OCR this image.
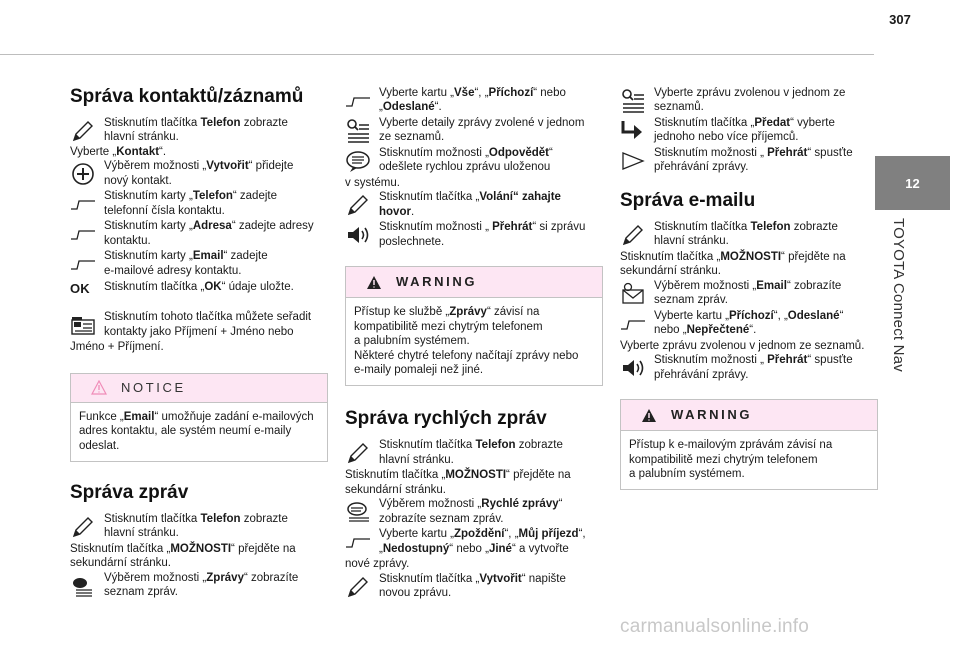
307
12
TOYOTA Connect Nav
Správa kontaktů/záznamů
Stisknutím tlačítka Telefon zobrazte
hlavní stránku.
Vyberte „Kontakt“.
Výběrem možnosti „Vytvořit“ přidejte
nový kontakt.
Stisknutím karty „Telefon“ zadejte
telefonní čísla kontaktu.
Stisknutím karty „Adresa“ zadejte adresy
kontaktu.
Stisknutím karty „Email“ zadejte
e-mailové adresy kontaktu.
OK Stisknutím tlačítka „OK“ údaje uložte.
Stisknutím tohoto tlačítka můžete seřadit
kontakty jako Příjmení + Jméno nebo
Jméno + Příjmení.
NOTICE
Funkce „Email“ umožňuje zadání e-mailových
adres kontaktu, ale systém neumí e-maily
odeslat.
Správa zpráv
Stisknutím tlačítka Telefon zobrazte
hlavní stránku.
Stisknutím tlačítka „MOŽNOSTI“ přejděte na
sekundární stránku.
Výběrem možnosti „Zprávy“ zobrazíte
seznam zpráv.
Vyberte kartu „Vše“, „Příchozí“ nebo
„Odeslané“.
Vyberte detaily zprávy zvolené v jednom
ze seznamů.
Stisknutím možnosti „Odpovědět“
odešlete rychlou zprávu uloženou
v systému.
Stisknutím tlačítka „Volání“ zahajte
hovor.
Stisknutím možnosti „ Přehrát“ si zprávu
poslechnete.
WARNING
Přístup ke službě „Zprávy“ závisí na
kompatibilitě mezi chytrým telefonem
a palubním systémem.
Některé chytré telefony načítají zprávy nebo
e-maily pomaleji než jiné.
Správa rychlých zpráv
Stisknutím tlačítka Telefon zobrazte
hlavní stránku.
Stisknutím tlačítka „MOŽNOSTI“ přejděte na
sekundární stránku.
Výběrem možnosti „Rychlé zprávy“
zobrazíte seznam zpráv.
Vyberte kartu „Zpoždění“, „Můj příjezd“,
„Nedostupný“ nebo „Jiné“ a vytvořte
nové zprávy.
Stisknutím tlačítka „Vytvořit“ napište
novou zprávu.
Vyberte zprávu zvolenou v jednom ze
seznamů.
Stisknutím tlačítka „Předat“ vyberte
jednoho nebo více příjemců.
Stisknutím možnosti „ Přehrát“ spusťte
přehrávání zprávy.
Správa e-mailu
Stisknutím tlačítka Telefon zobrazte
hlavní stránku.
Stisknutím tlačítka „MOŽNOSTI“ přejděte na
sekundární stránku.
Výběrem možnosti „Email“ zobrazíte
seznam zpráv.
Vyberte kartu „Příchozí“, „Odeslané“
nebo „Nepřečtené“.
Vyberte zprávu zvolenou v jednom ze seznamů.
Stisknutím možnosti „ Přehrát“ spusťte
přehrávání zprávy.
WARNING
Přístup k e-mailovým zprávám závisí na
kompatibilitě mezi chytrým telefonem
a palubním systémem.
carmanualsonline.info
